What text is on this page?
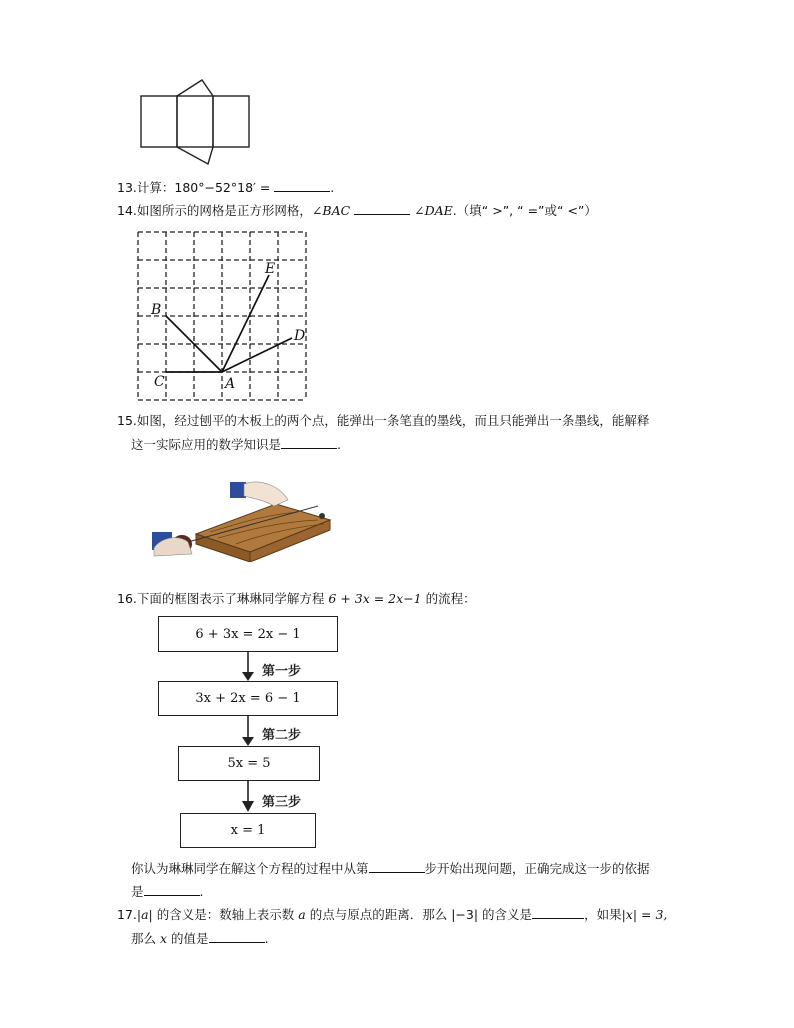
13.计算：180°−52°18′ =	.
14.如图所示的网格是正方形网格，∠BAC	∠DAE.（填“ >”, “ =”或“ <”）
A
B
C
D
E
15.如图，经过刨平的木板上的两个点，能弹出一条笔直的墨线，而且只能弹出一条墨线，能解释
这一实际应用的数学知识是	.
16.下面的框图表示了琳琳同学解方程 6 + 3x = 2x−1 的流程：
6 + 3x = 2x − 1
3x + 2x = 6 − 1
5x = 5
x = 1
第一步
第二步
第三步
你认为琳琳同学在解这个方程的过程中从第	步开始出现问题，正确完成这一步的依据
是	.
17.|a| 的含义是：数轴上表示数 a 的点与原点的距离．那么 |−3| 的含义是	，如果|x| = 3,
那么 x 的值是	.
